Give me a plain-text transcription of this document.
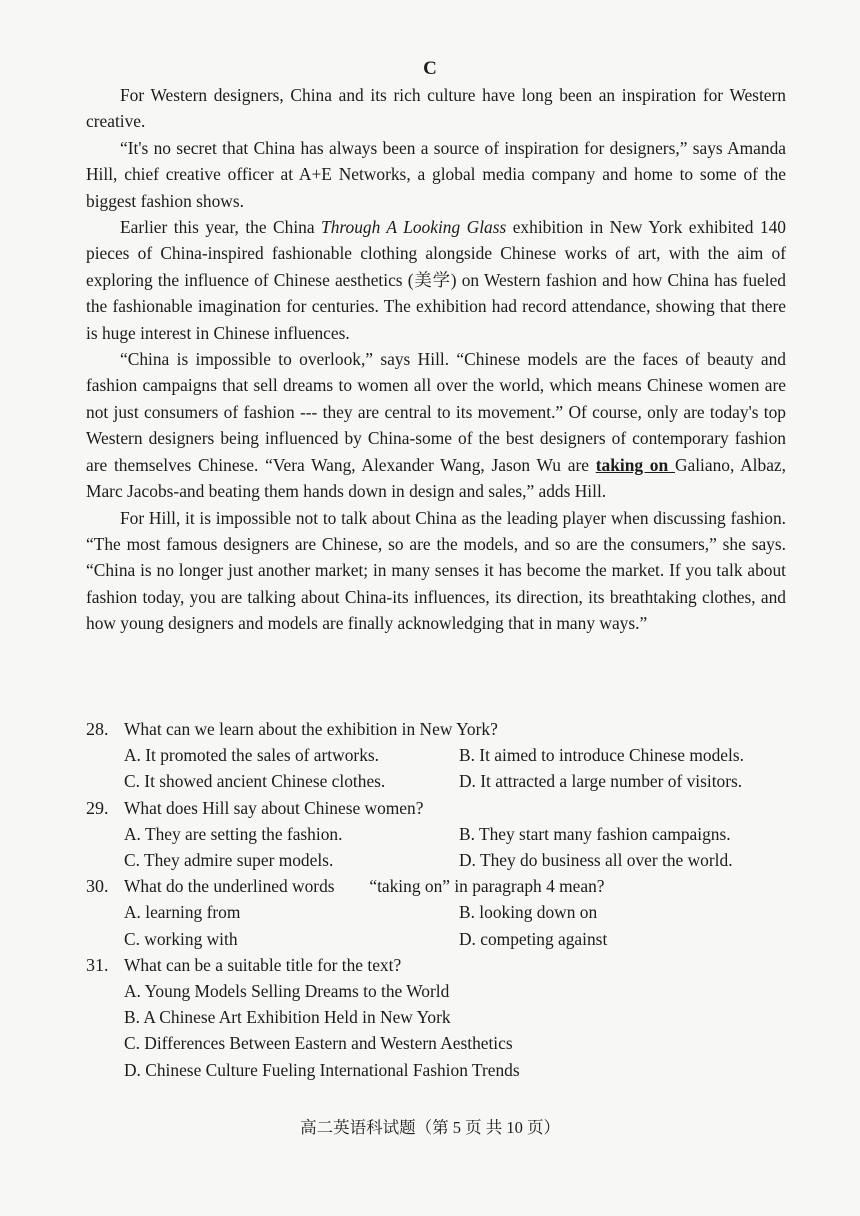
C

For Western designers, China and its rich culture have long been an inspiration for Western creative.

“It's no secret that China has always been a source of inspiration for designers,” says Amanda Hill, chief creative officer at A+E Networks, a global media company and home to some of the biggest fashion shows.

Earlier this year, the China Through A Looking Glass exhibition in New York exhibited 140 pieces of China-inspired fashionable clothing alongside Chinese works of art, with the aim of exploring the influence of Chinese aesthetics (美学) on Western fashion and how China has fueled the fashionable imagination for centuries. The exhibition had record attendance, showing that there is huge interest in Chinese influences.

“China is impossible to overlook,” says Hill. “Chinese models are the faces of beauty and fashion campaigns that sell dreams to women all over the world, which means Chinese women are not just consumers of fashion --- they are central to its movement.” Of course, only are today's top Western designers being influenced by China-some of the best designers of contemporary fashion are themselves Chinese. “Vera Wang, Alexander Wang, Jason Wu are taking on Galiano, Albaz, Marc Jacobs-and beating them hands down in design and sales,” adds Hill.

For Hill, it is impossible not to talk about China as the leading player when discussing fashion. “The most famous designers are Chinese, so are the models, and so are the consumers,” she says. “China is no longer just another market; in many senses it has become the market. If you talk about fashion today, you are talking about China-its influences, its direction, its breathtaking clothes, and how young designers and models are finally acknowledging that in many ways.”

28. What can we learn about the exhibition in New York?
A. It promoted the sales of artworks.	B. It aimed to introduce Chinese models.
C. It showed ancient Chinese clothes.	D. It attracted a large number of visitors.
29. What does Hill say about Chinese women?
A. They are setting the fashion.	B. They start many fashion campaigns.
C. They admire super models.	D. They do business all over the world.
30. What do the underlined words        “taking on” in paragraph 4 mean?
A. learning from	B. looking down on
C. working with	D. competing against
31. What can be a suitable title for the text?
A. Young Models Selling Dreams to the World
B. A Chinese Art Exhibition Held in New York
C. Differences Between Eastern and Western Aesthetics
D. Chinese Culture Fueling International Fashion Trends
高二英语科试题（第 5 页 共 10 页）
